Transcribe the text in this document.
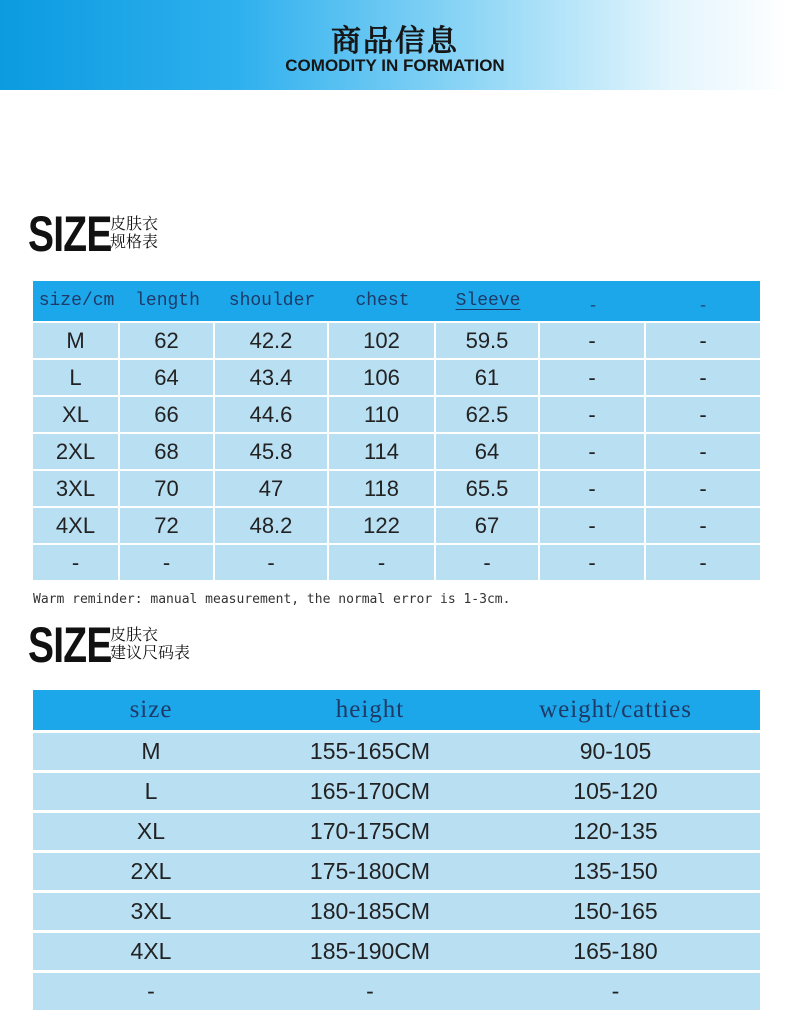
商品信息
COMODITY IN FORMATION
SIZE
皮肤衣
规格表
size/cm	length	shoulder	chest	Sleeve	-	-
M	62	42.2	102	59.5	-	-
L	64	43.4	106	61	-	-
XL	66	44.6	110	62.5	-	-
2XL	68	45.8	114	64	-	-
3XL	70	47	118	65.5	-	-
4XL	72	48.2	122	67	-	-
-	-	-	-	-	-	-
Warm reminder: manual measurement, the normal error is 1-3cm.
SIZE
皮肤衣
建议尺码表
size	height	weight/catties
M	155-165CM	90-105
L	165-170CM	105-120
XL	170-175CM	120-135
2XL	175-180CM	135-150
3XL	180-185CM	150-165
4XL	185-190CM	165-180
-	-	-
